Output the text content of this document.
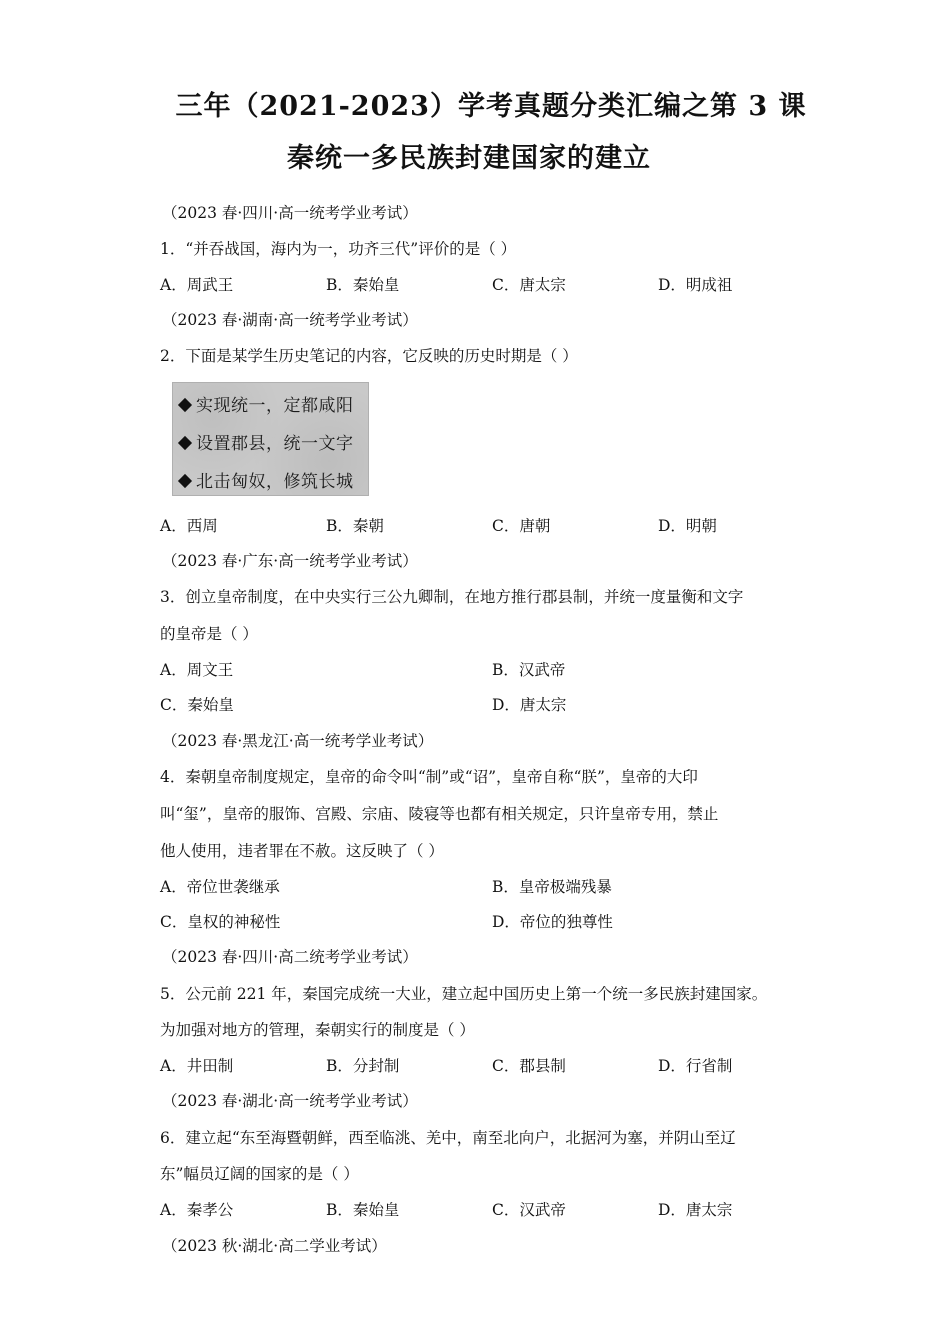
三年（2021-2023）学考真题分类汇编之第 3 课
秦统一多民族封建国家的建立
（2023 春·四川·高一统考学业考试）
1．“并吞战国，海内为一，功齐三代”评价的是（ ）
A．周武王	B．秦始皇	C．唐太宗	D．明成祖
（2023 春·湖南·高一统考学业考试）
2．下面是某学生历史笔记的内容，它反映的历史时期是（ ）
实现统一，定都咸阳
设置郡县，统一文字
北击匈奴，修筑长城
A．西周	B．秦朝	C．唐朝	D．明朝
（2023 春·广东·高一统考学业考试）
3．创立皇帝制度，在中央实行三公九卿制，在地方推行郡县制，并统一度量衡和文字
的皇帝是（ ）
A．周文王	B．汉武帝
C．秦始皇	D．唐太宗
（2023 春·黑龙江·高一统考学业考试）
4．秦朝皇帝制度规定，皇帝的命令叫“制”或“诏”，皇帝自称“朕”，皇帝的大印
叫“玺”，皇帝的服饰、宫殿、宗庙、陵寝等也都有相关规定，只许皇帝专用，禁止
他人使用，违者罪在不赦。这反映了（ ）
A．帝位世袭继承	B．皇帝极端残暴
C．皇权的神秘性	D．帝位的独尊性
（2023 春·四川·高二统考学业考试）
5．公元前 221 年，秦国完成统一大业，建立起中国历史上第一个统一多民族封建国家。
为加强对地方的管理，秦朝实行的制度是（ ）
A．井田制	B．分封制	C．郡县制	D．行省制
（2023 春·湖北·高一统考学业考试）
6．建立起“东至海暨朝鲜，西至临洮、羌中，南至北向户，北据河为塞，并阴山至辽
东”幅员辽阔的国家的是（ ）
A．秦孝公	B．秦始皇	C．汉武帝	D．唐太宗
（2023 秋·湖北·高二学业考试）
